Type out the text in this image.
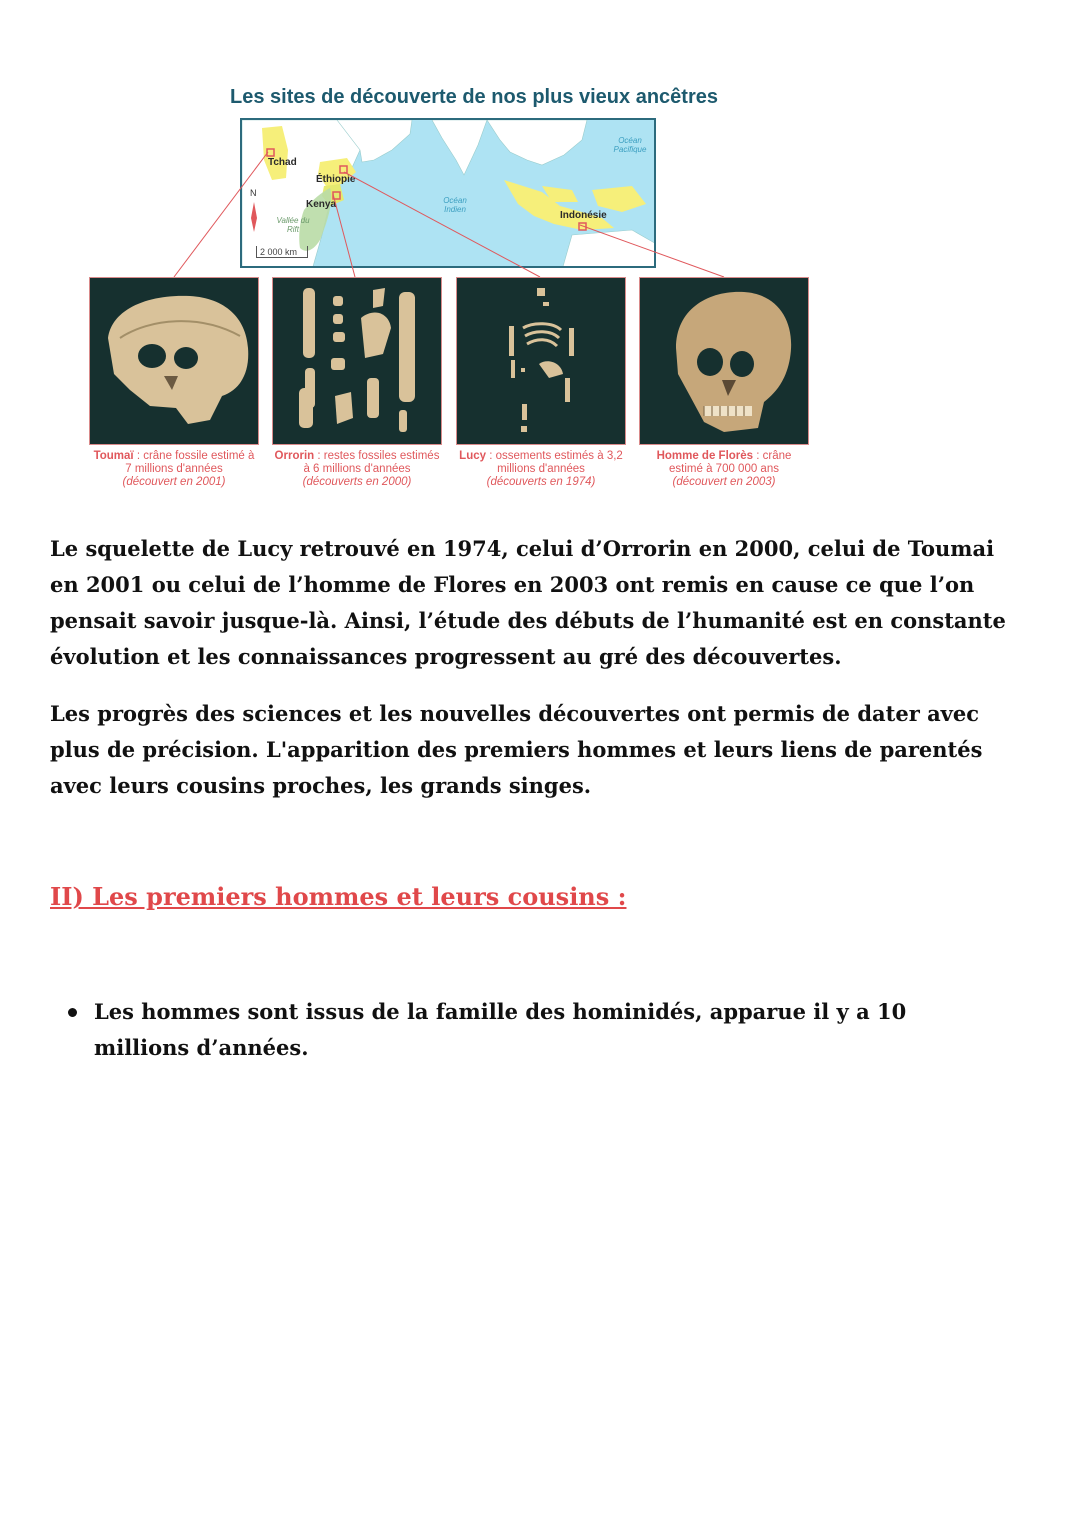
Les sites de découverte de nos plus vieux ancêtres
Tchad
Éthiopie
Kenya
Indonésie
Océan Indien
Océan Pacifique
Vallée du Rift
N
2 000 km
Toumaï : crâne fossile estimé à 7 millions d'années
(découvert en 2001)
Orrorin : restes fossiles estimés à 6 millions d'années
(découverts en 2000)
Lucy : ossements estimés à 3,2 millions d'années
(découverts en 1974)
Homme de Florès : crâne estimé à 700 000 ans
(découvert en 2003)

Le squelette de Lucy retrouvé en 1974, celui d’Orrorin en 2000, celui de Toumai en 2001 ou celui de l’homme de Flores en 2003 ont remis en cause ce que l’on pensait savoir jusque-là. Ainsi, l’étude des débuts de l’humanité est en constante évolution et les connaissances progressent au gré des découvertes.

Les progrès des sciences et les nouvelles découvertes ont permis de dater avec plus de précision. L'apparition des premiers hommes et leurs liens de parentés avec leurs cousins proches, les grands singes.

II) Les premiers hommes et leurs cousins :
Les hommes sont issus de la famille des hominidés, apparue il y a 10 millions d’années.
